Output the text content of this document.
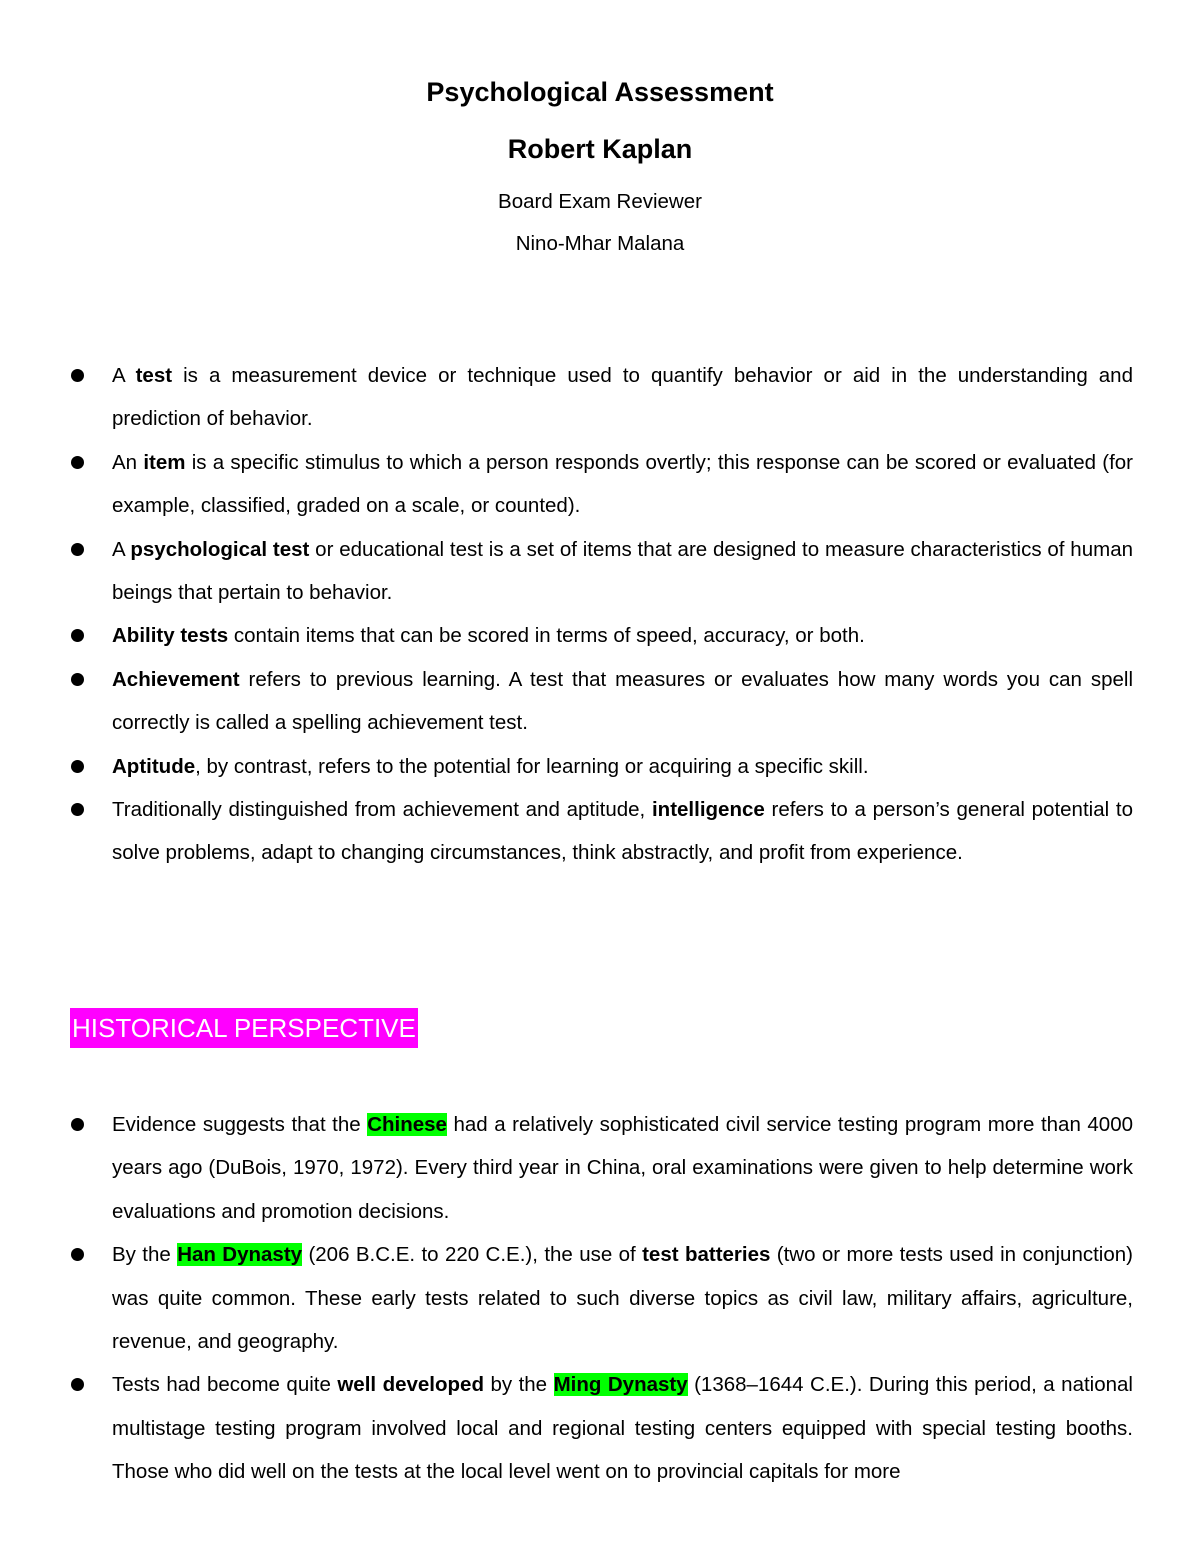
Psychological Assessment
Robert Kaplan
Board Exam Reviewer
Nino-Mhar Malana

A test is a measurement device or technique used to quantify behavior or aid in the understanding and prediction of behavior.

An item is a specific stimulus to which a person responds overtly; this response can be scored or evaluated (for example, classified, graded on a scale, or counted).

A psychological test or educational test is a set of items that are designed to measure characteristics of human beings that pertain to behavior.

Ability tests contain items that can be scored in terms of speed, accuracy, or both.

Achievement refers to previous learning. A test that measures or evaluates how many words you can spell correctly is called a spelling achievement test.

Aptitude, by contrast, refers to the potential for learning or acquiring a specific skill.

Traditionally distinguished from achievement and aptitude, intelligence refers to a person’s general potential to solve problems, adapt to changing circumstances, think abstractly, and profit from experience.

HISTORICAL PERSPECTIVE

Evidence suggests that the Chinese had a relatively sophisticated civil service testing program more than 4000 years ago (DuBois, 1970, 1972). Every third year in China, oral examinations were given to help determine work evaluations and promotion decisions.

By the Han Dynasty (206 B.C.E. to 220 C.E.), the use of test batteries (two or more tests used in conjunction) was quite common. These early tests related to such diverse topics as civil law, military affairs, agriculture, revenue, and geography.

Tests had become quite well developed by the Ming Dynasty (1368–1644 C.E.). During this period, a national multistage testing program involved local and regional testing centers equipped with special testing booths. Those who did well on the tests at the local level went on to provincial capitals for more
